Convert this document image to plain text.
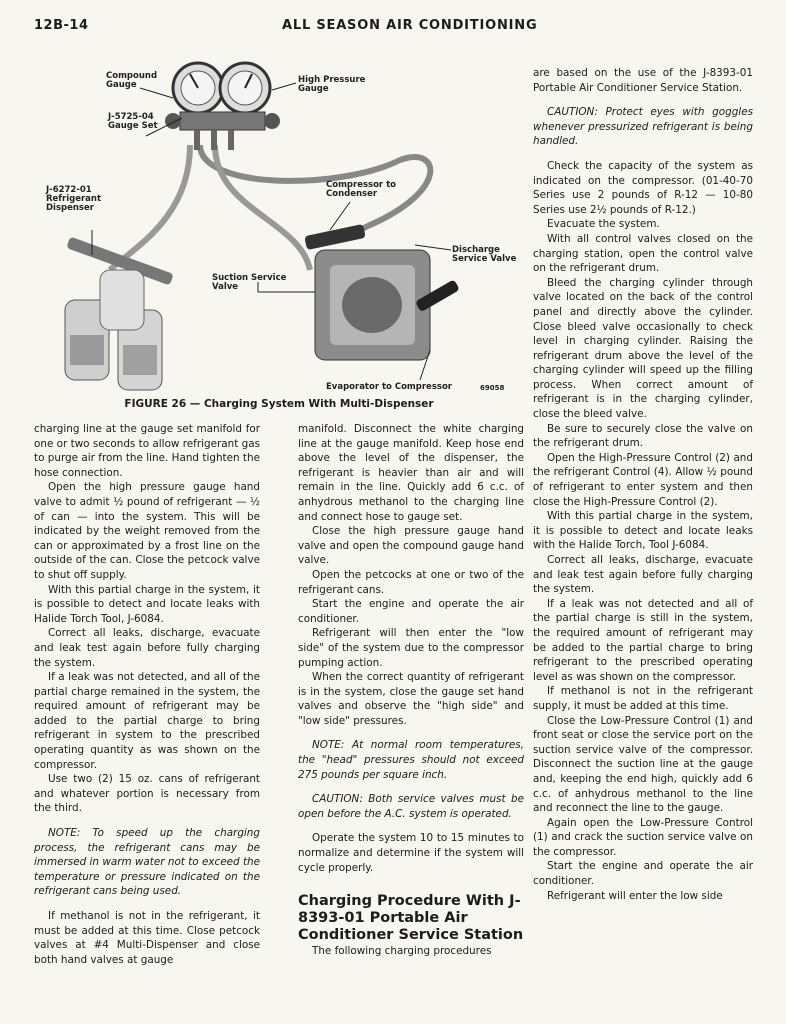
12B-14	ALL SEASON AIR CONDITIONING
Compound
Gauge
J-5725-04
Gauge Set
High Pressure
Gauge
J-6272-01
Refrigerant
Dispenser
Compressor to
Condenser
Discharge
Service Valve
Suction Service
Valve
Evaporator to Compressor	69058
FIGURE 26 — Charging System With Multi-Dispenser

charging line at the gauge set manifold for one or two seconds to allow refrigerant gas to purge air from the line. Hand tighten the hose connection.

Open the high pressure gauge hand valve to admit ½ pound of refrigerant — ½ of can — into the system. This will be indicated by the weight removed from the can or approximated by a frost line on the outside of the can. Close the petcock valve to shut off supply.

With this partial charge in the system, it is possible to detect and locate leaks with Halide Torch Tool, J-6084.

Correct all leaks, discharge, evacuate and leak test again before fully charging the system.

If a leak was not detected, and all of the partial charge remained in the system, the required amount of refrigerant may be added to the partial charge to bring refrigerant in system to the prescribed operating quantity as was shown on the compressor.

Use two (2) 15 oz. cans of refrigerant and whatever portion is necessary from the third.

NOTE: To speed up the charging process, the refrigerant cans may be immersed in warm water not to exceed the temperature or pressure indicated on the refrigerant cans being used.

If methanol is not in the refrigerant, it must be added at this time. Close petcock valves at #4 Multi-Dispenser and close both hand valves at gauge

manifold. Disconnect the white charging line at the gauge manifold. Keep hose end above the level of the dispenser, the refrigerant is heavier than air and will remain in the line. Quickly add 6 c.c. of anhydrous methanol to the charging line and connect hose to gauge set.

Close the high pressure gauge hand valve and open the compound gauge hand valve.

Open the petcocks at one or two of the refrigerant cans.

Start the engine and operate the air conditioner.

Refrigerant will then enter the "low side" of the system due to the compressor pumping action.

When the correct quantity of refrigerant is in the system, close the gauge set hand valves and observe the "high side" and "low side" pressures.

NOTE: At normal room temperatures, the "head" pressures should not exceed 275 pounds per square inch.

CAUTION: Both service valves must be open before the A.C. system is operated.

Operate the system 10 to 15 minutes to normalize and determine if the system will cycle properly.

Charging Procedure With J-8393-01 Portable Air Conditioner Service Station

The following charging procedures

are based on the use of the J-8393-01 Portable Air Conditioner Service Station.

CAUTION: Protect eyes with goggles whenever pressurized refrigerant is being handled.

Check the capacity of the system as indicated on the compressor. (01-40-70 Series use 2 pounds of R-12 — 10-80 Series use 2½ pounds of R-12.)

Evacuate the system.

With all control valves closed on the charging station, open the control valve on the refrigerant drum.

Bleed the charging cylinder through valve located on the back of the control panel and directly above the cylinder. Close bleed valve occasionally to check level in charging cylinder. Raising the refrigerant drum above the level of the charging cylinder will speed up the filling process. When correct amount of refrigerant is in the charging cylinder, close the bleed valve.

Be sure to securely close the valve on the refrigerant drum.

Open the High-Pressure Control (2) and the refrigerant Control (4). Allow ½ pound of refrigerant to enter system and then close the High-Pressure Control (2).

With this partial charge in the system, it is possible to detect and locate leaks with the Halide Torch, Tool J-6084.

Correct all leaks, discharge, evacuate and leak test again before fully charging the system.

If a leak was not detected and all of the partial charge is still in the system, the required amount of refrigerant may be added to the partial charge to bring refrigerant to the prescribed operating level as was shown on the compressor.

If methanol is not in the refrigerant supply, it must be added at this time.

Close the Low-Pressure Control (1) and front seat or close the service port on the suction service valve of the compressor. Disconnect the suction line at the gauge and, keeping the end high, quickly add 6 c.c. of anhydrous methanol to the line and reconnect the line to the gauge.

Again open the Low-Pressure Control (1) and crack the suction service valve on the compressor.

Start the engine and operate the air conditioner.

Refrigerant will enter the low side
